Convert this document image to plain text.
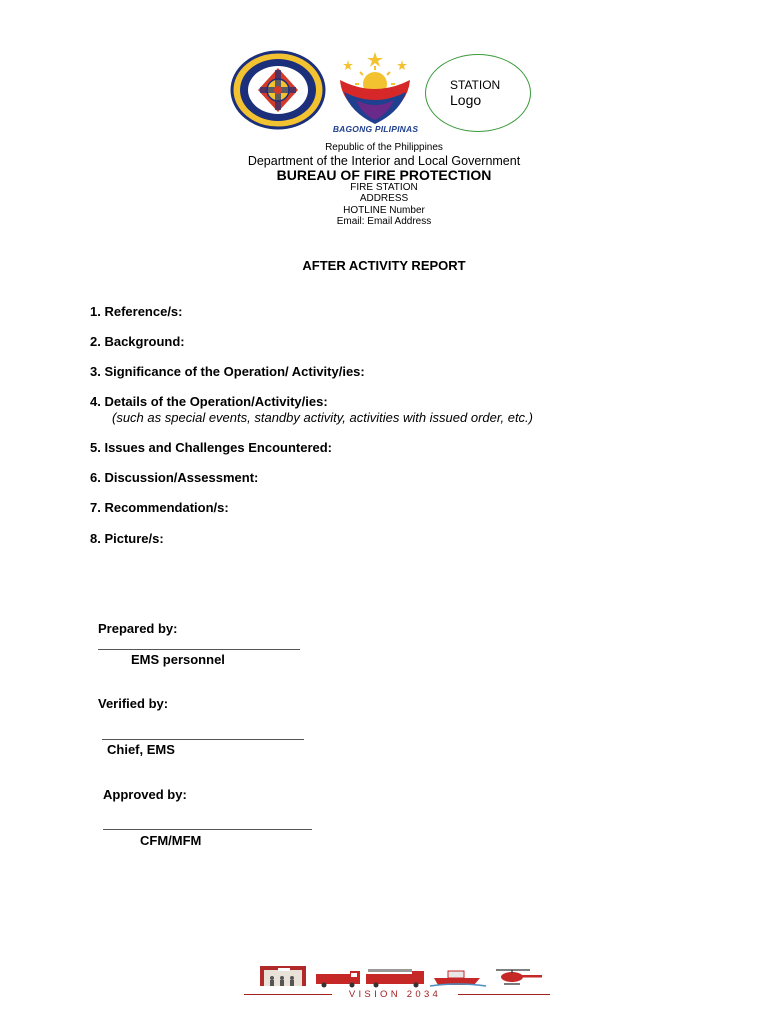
BAGONG PILIPINAS
STATION
Logo
Republic of the Philippines
Department of the Interior and Local Government
BUREAU OF FIRE PROTECTION
FIRE STATION
ADDRESS
HOTLINE Number
Email: Email Address
AFTER ACTIVITY REPORT
1. Reference/s:
2. Background:
3. Significance of the Operation/ Activity/ies:
4. Details of the Operation/Activity/ies:
(such as special events, standby activity, activities with issued order, etc.)
5. Issues and Challenges Encountered:
6. Discussion/Assessment:
7. Recommendation/s:
8. Picture/s:
Prepared by:
EMS personnel
Verified by:
Chief, EMS
Approved by:
CFM/MFM
VISION 2034
